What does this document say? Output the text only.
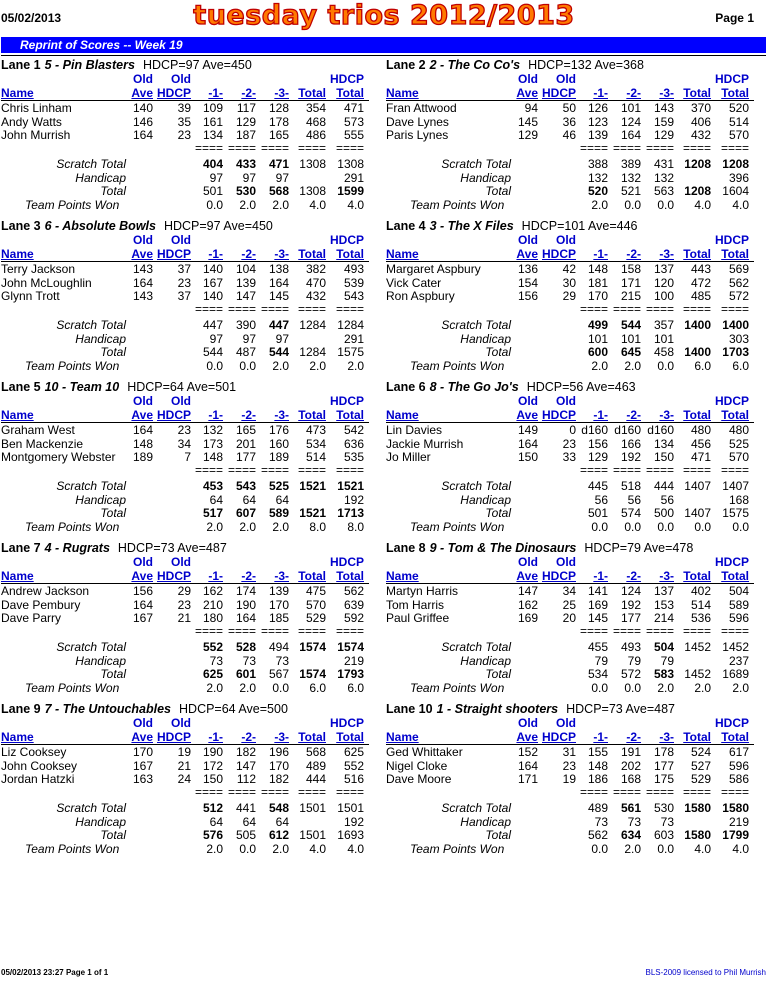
05/02/2013	tuesday trios 2012/2013	Page 1
Reprint of Scores -- Week 19
Lane 1 5 - Pin Blasters HDCP=97 Ave=450
Old Old	HDCP
Name	Ave HDCP -1- -2- -3- Total Total
Chris Linham	140 39 109 117 128 354 471
Andy Watts	146 35 161 129 178 468 573
John Murrish	164 23 134 187 165 486 555
==== ==== ==== ==== ====
Scratch Total	404 433 471 1308 1308
Handicap	97 97 97	291
Total	501 530 568 1308 1599
Team Points Won	0.0 2.0 2.0 4.0 4.0
Lane 2 2 - The Co Co's HDCP=132 Ave=368
Old Old	HDCP
Name	Ave HDCP -1- -2- -3- Total Total
Fran Attwood	94 50 126 101 143 370 520
Dave Lynes	145 36 123 124 159 406 514
Paris Lynes	129 46 139 164 129 432 570
==== ==== ==== ==== ====
Scratch Total	388 389 431 1208 1208
Handicap	132 132 132	396
Total	520 521 563 1208 1604
Team Points Won	2.0 0.0 0.0 4.0 4.0
Lane 3 6 - Absolute Bowls HDCP=97 Ave=450
Old Old	HDCP
Name	Ave HDCP -1- -2- -3- Total Total
Terry Jackson	143 37 140 104 138 382 493
John McLoughlin	164 23 167 139 164 470 539
Glynn Trott	143 37 140 147 145 432 543
==== ==== ==== ==== ====
Scratch Total	447 390 447 1284 1284
Handicap	97 97 97	291
Total	544 487 544 1284 1575
Team Points Won	0.0 0.0 2.0 2.0 2.0
Lane 4 3 - The X Files HDCP=101 Ave=446
Old Old	HDCP
Name	Ave HDCP -1- -2- -3- Total Total
Margaret Aspbury	136 42 148 158 137 443 569
Vick Cater	154 30 181 171 120 472 562
Ron Aspbury	156 29 170 215 100 485 572
==== ==== ==== ==== ====
Scratch Total	499 544 357 1400 1400
Handicap	101 101 101	303
Total	600 645 458 1400 1703
Team Points Won	2.0 2.0 0.0 6.0 6.0
Lane 5 10 - Team 10 HDCP=64 Ave=501
Old Old	HDCP
Name	Ave HDCP -1- -2- -3- Total Total
Graham West	164 23 132 165 176 473 542
Ben Mackenzie	148 34 173 201 160 534 636
Montgomery Webster 189	7 148 177 189 514 535
==== ==== ==== ==== ====
Scratch Total	453 543 525 1521 1521
Handicap	64 64 64	192
Total	517 607 589 1521 1713
Team Points Won	2.0 2.0 2.0 8.0 8.0
Lane 6 8 - The Go Jo's HDCP=56 Ave=463
Old Old	HDCP
Name	Ave HDCP -1- -2- -3- Total Total
Lin Davies	149	0 d160 d160 d160 480 480
Jackie Murrish	164 23 156 166 134 456 525
Jo Miller	150 33 129 192 150 471 570
==== ==== ==== ==== ====
Scratch Total	445 518 444 1407 1407
Handicap	56 56 56	168
Total	501 574 500 1407 1575
Team Points Won	0.0 0.0 0.0 0.0 0.0
Lane 7 4 - Rugrats HDCP=73 Ave=487
Old Old	HDCP
Name	Ave HDCP -1- -2- -3- Total Total
Andrew Jackson	156 29 162 174 139 475 562
Dave Pembury	164 23 210 190 170 570 639
Dave Parry	167 21 180 164 185 529 592
==== ==== ==== ==== ====
Scratch Total	552 528 494 1574 1574
Handicap	73 73 73	219
Total	625 601 567 1574 1793
Team Points Won	2.0 2.0 0.0 6.0 6.0
Lane 8 9 - Tom & The Dinosaurs HDCP=79 Ave=478
Old Old	HDCP
Name	Ave HDCP -1- -2- -3- Total Total
Martyn Harris	147 34 141 124 137 402 504
Tom Harris	162 25 169 192 153 514 589
Paul Griffee	169 20 145 177 214 536 596
==== ==== ==== ==== ====
Scratch Total	455 493 504 1452 1452
Handicap	79 79 79	237
Total	534 572 583 1452 1689
Team Points Won	0.0 0.0 2.0 2.0 2.0
Lane 9 7 - The Untouchables HDCP=64 Ave=500
Old Old	HDCP
Name	Ave HDCP -1- -2- -3- Total Total
Liz Cooksey	170 19 190 182 196 568 625
John Cooksey	167 21 172 147 170 489 552
Jordan Hatzki	163 24 150 112 182 444 516
==== ==== ==== ==== ====
Scratch Total	512 441 548 1501 1501
Handicap	64 64 64	192
Total	576 505 612 1501 1693
Team Points Won	2.0 0.0 2.0 4.0 4.0
Lane 10 1 - Straight shooters HDCP=73 Ave=487
Old Old	HDCP
Name	Ave HDCP -1- -2- -3- Total Total
Ged Whittaker	152 31 155 191 178 524 617
Nigel Cloke	164 23 148 202 177 527 596
Dave Moore	171 19 186 168 175 529 586
==== ==== ==== ==== ====
Scratch Total	489 561 530 1580 1580
Handicap	73 73 73	219
Total	562 634 603 1580 1799
Team Points Won	0.0 2.0 0.0 4.0 4.0
05/02/2013 23:27 Page 1 of 1	BLS-2009 licensed to Phil Murrish
